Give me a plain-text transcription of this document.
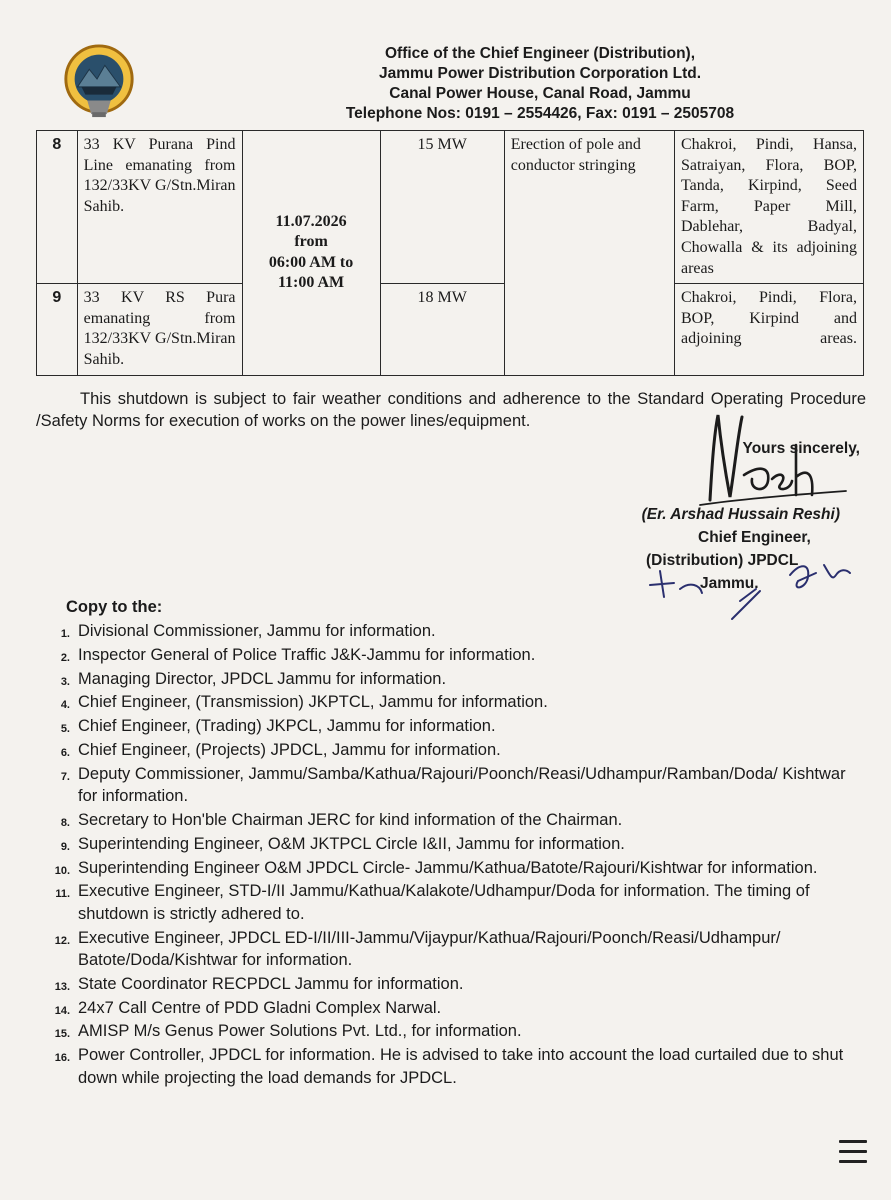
Office of the Chief Engineer (Distribution),
Jammu Power Distribution Corporation Ltd.
Canal Power House, Canal Road, Jammu
Telephone Nos: 0191 – 2554426, Fax: 0191 – 2505708
8	33 KV Purana Pind Line emanating from 132/33KV G/Stn.Miran Sahib.	11.07.2026
from
06:00 AM to
11:00 AM	15 MW	Erection of pole and conductor stringing	Chakroi, Pindi, Hansa, Satraiyan, Flora, BOP, Tanda, Kirpind, Seed Farm, Paper Mill, Dablehar, Badyal, Chowalla & its adjoining areas
9	33 KV RS Pura emanating from 132/33KV G/Stn.Miran Sahib.		18 MW		Chakroi, Pindi, Flora, BOP, Kirpind and adjoining areas.
This shutdown is subject to fair weather conditions and adherence to the Standard Operating Procedure /Safety Norms for execution of works on the power lines/equipment.
Yours sincerely,
(Er. Arshad Hussain Reshi)
Chief Engineer,
(Distribution) JPDCL
Jammu.
Copy to the:
1. Divisional Commissioner, Jammu for information.
2. Inspector General of Police Traffic J&K-Jammu for information.
3. Managing Director, JPDCL Jammu for information.
4. Chief Engineer, (Transmission) JKPTCL, Jammu for information.
5. Chief Engineer, (Trading) JKPCL, Jammu for information.
6. Chief Engineer, (Projects) JPDCL, Jammu for information.
7. Deputy Commissioner, Jammu/Samba/Kathua/Rajouri/Poonch/Reasi/Udhampur/Ramban/Doda/ Kishtwar for information.
8. Secretary to Hon'ble Chairman JERC for kind information of the Chairman.
9. Superintending Engineer, O&M JKTPCL Circle I&II, Jammu for information.
10. Superintending Engineer O&M JPDCL Circle- Jammu/Kathua/Batote/Rajouri/Kishtwar for information.
11. Executive Engineer, STD-I/II Jammu/Kathua/Kalakote/Udhampur/Doda for information. The timing of shutdown is strictly adhered to.
12. Executive Engineer, JPDCL ED-I/II/III-Jammu/Vijaypur/Kathua/Rajouri/Poonch/Reasi/Udhampur/ Batote/Doda/Kishtwar for information.
13. State Coordinator RECPDCL Jammu for information.
14. 24x7 Call Centre of PDD Gladni Complex Narwal.
15. AMISP M/s Genus Power Solutions Pvt. Ltd., for information.
16. Power Controller, JPDCL for information. He is advised to take into account the load curtailed due to shut down while projecting the load demands for JPDCL.
